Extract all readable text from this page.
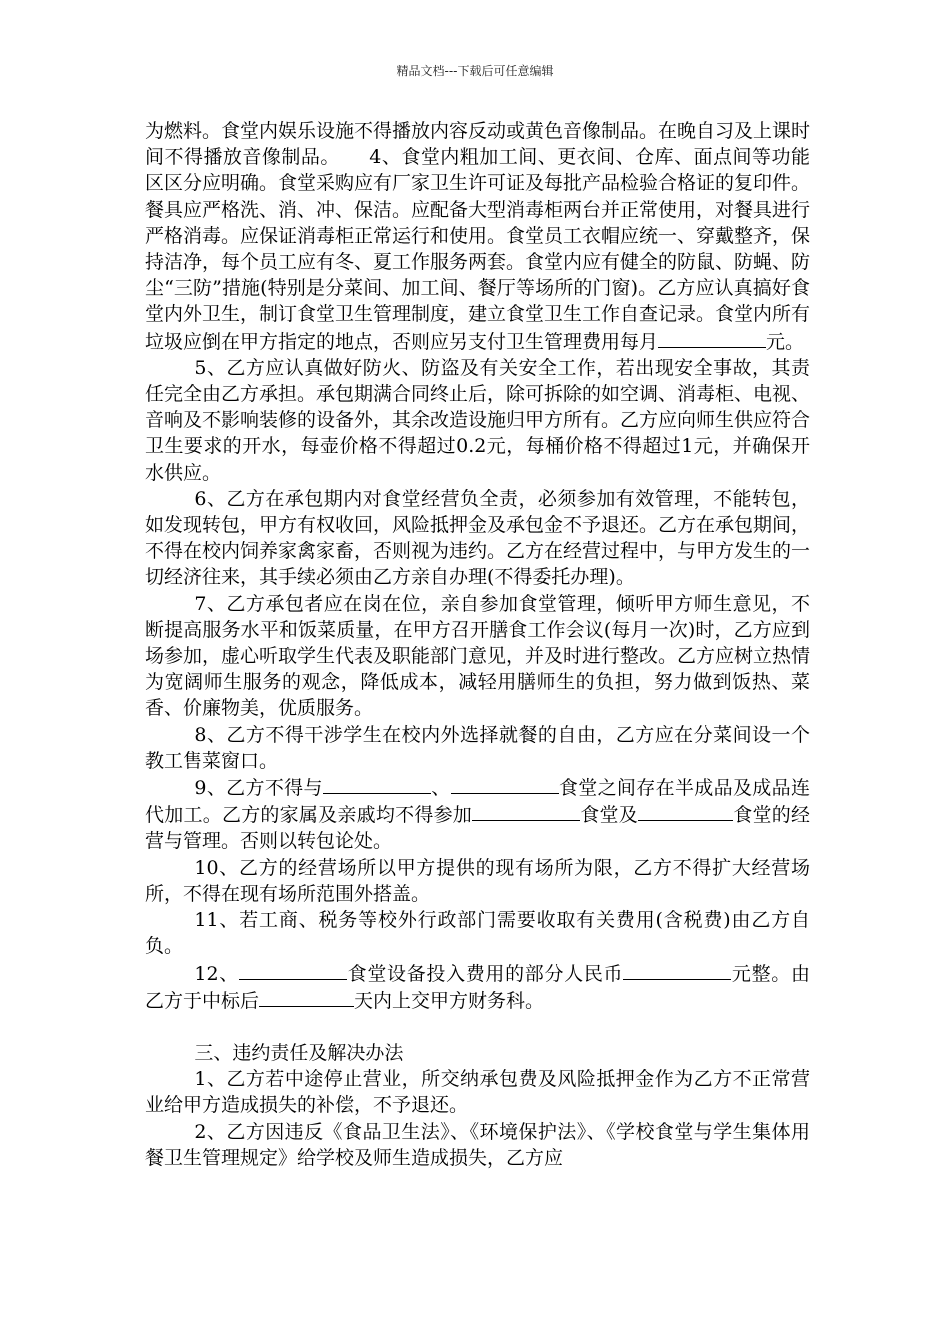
精品文档---下载后可任意编辑

为燃料。食堂内娱乐设施不得播放内容反动或黄色音像制品。在晚自习及上课时间不得播放音像制品。　　4、食堂内粗加工间、更衣间、仓库、面点间等功能区区分应明确。食堂采购应有厂家卫生许可证及每批产品检验合格证的复印件。餐具应严格洗、消、冲、保洁。应配备大型消毒柜两台并正常使用，对餐具进行严格消毒。应保证消毒柜正常运行和使用。食堂员工衣帽应统一、穿戴整齐，保持洁净，每个员工应有冬、夏工作服务两套。食堂内应有健全的防鼠、防蝇、防尘“三防”措施(特别是分菜间、加工间、餐厅等场所的门窗)。乙方应认真搞好食堂内外卫生，制订食堂卫生管理制度，建立食堂卫生工作自查记录。食堂内所有垃圾应倒在甲方指定的地点，否则应另支付卫生管理费用每月	元。

5、乙方应认真做好防火、防盗及有关安全工作，若出现安全事故，其责任完全由乙方承担。承包期满合同终止后，除可拆除的如空调、消毒柜、电视、音响及不影响装修的设备外，其余改造设施归甲方所有。乙方应向师生供应符合卫生要求的开水，每壶价格不得超过0.2元，每桶价格不得超过1元，并确保开水供应。

6、乙方在承包期内对食堂经营负全责，必须参加有效管理，不能转包，如发现转包，甲方有权收回，风险抵押金及承包金不予退还。乙方在承包期间，不得在校内饲养家禽家畜，否则视为违约。乙方在经营过程中，与甲方发生的一切经济往来，其手续必须由乙方亲自办理(不得委托办理)。

7、乙方承包者应在岗在位，亲自参加食堂管理，倾听甲方师生意见，不断提高服务水平和饭菜质量，在甲方召开膳食工作会议(每月一次)时，乙方应到场参加，虚心听取学生代表及职能部门意见，并及时进行整改。乙方应树立热情为宽阔师生服务的观念，降低成本，减轻用膳师生的负担，努力做到饭热、菜香、价廉物美，优质服务。

8、乙方不得干涉学生在校内外选择就餐的自由，乙方应在分菜间设一个教工售菜窗口。

9、乙方不得与	、	食堂之间存在半成品及成品连代加工。乙方的家属及亲戚均不得参加	食堂及	食堂的经营与管理。否则以转包论处。

10、乙方的经营场所以甲方提供的现有场所为限，乙方不得扩大经营场所，不得在现有场所范围外搭盖。

11、若工商、税务等校外行政部门需要收取有关费用(含税费)由乙方自负。

12、	食堂设备投入费用的部分人民币	元整。由乙方于中标后	天内上交甲方财务科。

三、违约责任及解决办法

1、乙方若中途停止营业，所交纳承包费及风险抵押金作为乙方不正常营业给甲方造成损失的补偿，不予退还。

2、乙方因违反《食品卫生法》、《环境保护法》、《学校食堂与学生集体用餐卫生管理规定》给学校及师生造成损失，乙方应
